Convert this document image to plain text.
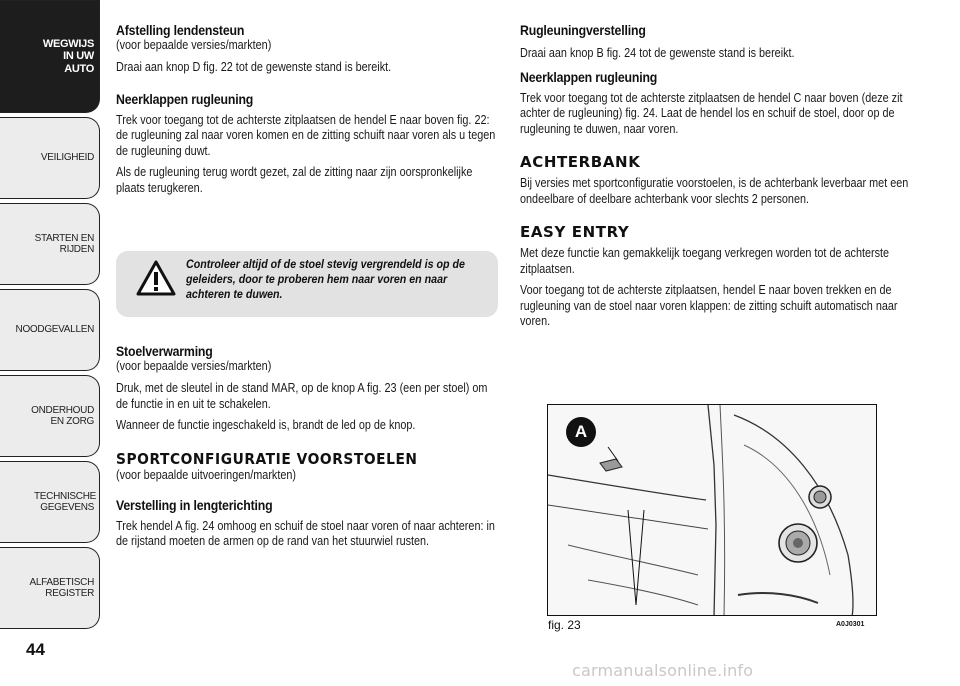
WEGWIJS IN UW AUTO
VEILIGHEID
STARTEN EN RIJDEN
NOODGEVALLEN
ONDERHOUD EN ZORG
TECHNISCHE GEGEVENS
ALFABETISCH REGISTER
44
Afstelling lendensteun
(voor bepaalde versies/markten)
Draai aan knop D fig. 22 tot de gewenste stand is bereikt.
Neerklappen rugleuning
Trek voor toegang tot de achterste zitplaatsen de hendel E naar boven fig. 22: de rugleuning zal naar voren komen en de zitting schuift naar voren als u tegen de rugleuning duwt.
Als de rugleuning terug wordt gezet, zal de zitting naar zijn oorspronkelijke plaats terugkeren.
Controleer altijd of de stoel stevig vergrendeld is op de geleiders, door te proberen hem naar voren en naar achteren te duwen.
Stoelverwarming
(voor bepaalde versies/markten)
Druk, met de sleutel in de stand MAR, op de knop A fig. 23 (een per stoel) om de functie in en uit te schakelen.
Wanneer de functie ingeschakeld is, brandt de led op de knop.
SPORTCONFIGURATIE VOORSTOELEN
(voor bepaalde uitvoeringen/markten)
Verstelling in lengterichting
Trek hendel A fig. 24 omhoog en schuif de stoel naar voren of naar achteren: in de rijstand moeten de armen op de rand van het stuurwiel rusten.
Rugleuningverstelling
Draai aan knop B fig. 24 tot de gewenste stand is bereikt.
Neerklappen rugleuning
Trek voor toegang tot de achterste zitplaatsen de hendel C naar boven (deze zit achter de rugleuning) fig. 24. Laat de hendel los en schuif de stoel, door op de rugleuning te duwen, naar voren.
ACHTERBANK
Bij versies met sportconfiguratie voorstoelen, is de achterbank leverbaar met een ondeelbare of deelbare achterbank voor slechts 2 personen.
EASY ENTRY
Met deze functie kan gemakkelijk toegang verkregen worden tot de achterste zitplaatsen.
Voor toegang tot de achterste zitplaatsen, hendel E naar boven trekken en de rugleuning van de stoel naar voren klappen: de zitting schuift automatisch naar voren.
A
fig. 23	A0J0301
carmanualsonline.info
